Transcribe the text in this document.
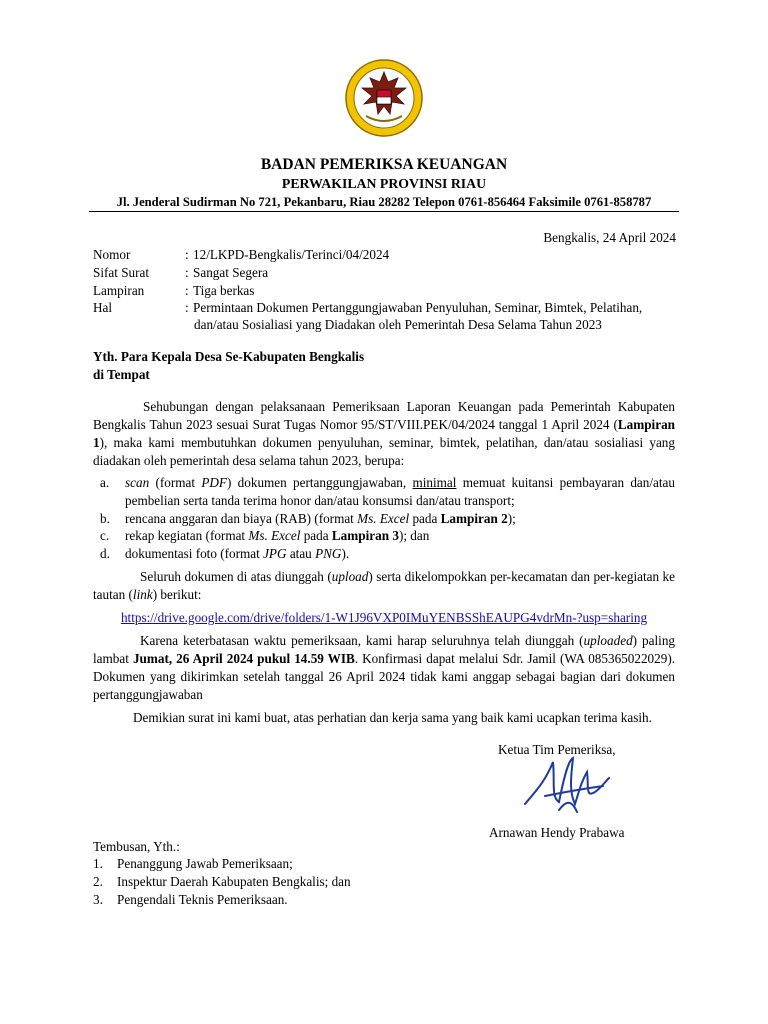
BADAN PEMERIKSA KEUANGAN
PERWAKILAN PROVINSI RIAU
Jl. Jenderal Sudirman No 721, Pekanbaru, Riau 28282 Telepon 0761-856464 Faksimile 0761-858787
Bengkalis, 24 April 2024
Nomor	: 12/LKPD-Bengkalis/Terinci/04/2024
Sifat Surat	: Sangat Segera
Lampiran	: Tiga berkas
Hal	: Permintaan Dokumen Pertanggungjawaban Penyuluhan, Seminar, Bimtek, Pelatihan,
dan/atau Sosialiasi yang Diadakan oleh Pemerintah Desa Selama Tahun 2023
Yth. Para Kepala Desa Se-Kabupaten Bengkalis
di Tempat
Sehubungan dengan pelaksanaan Pemeriksaan Laporan Keuangan pada Pemerintah Kabupaten Bengkalis Tahun 2023 sesuai Surat Tugas Nomor 95/ST/VIII.PEK/04/2024 tanggal 1 April 2024 (Lampiran 1), maka kami membutuhkan dokumen penyuluhan, seminar, bimtek, pelatihan, dan/atau sosialiasi yang diadakan oleh pemerintah desa selama tahun 2023, berupa:
a. scan (format PDF) dokumen pertanggungjawaban, minimal memuat kuitansi pembayaran dan/atau pembelian serta tanda terima honor dan/atau konsumsi dan/atau transport;
b. rencana anggaran dan biaya (RAB) (format Ms. Excel pada Lampiran 2);
c. rekap kegiatan (format Ms. Excel pada Lampiran 3); dan
d. dokumentasi foto (format JPG atau PNG).
Seluruh dokumen di atas diunggah (upload) serta dikelompokkan per-kecamatan dan per-kegiatan ke tautan (link) berikut:
https://drive.google.com/drive/folders/1-W1J96VXP0IMuYENBSShEAUPG4vdrMn-?usp=sharing
Karena keterbatasan waktu pemeriksaan, kami harap seluruhnya telah diunggah (uploaded) paling lambat Jumat, 26 April 2024 pukul 14.59 WIB. Konfirmasi dapat melalui Sdr. Jamil (WA 085365022029). Dokumen yang dikirimkan setelah tanggal 26 April 2024 tidak kami anggap sebagai bagian dari dokumen pertanggungjawaban
Demikian surat ini kami buat, atas perhatian dan kerja sama yang baik kami ucapkan terima kasih.
Ketua Tim Pemeriksa,
Arnawan Hendy Prabawa
Tembusan, Yth.:
1. Penanggung Jawab Pemeriksaan;
2. Inspektur Daerah Kabupaten Bengkalis; dan
3. Pengendali Teknis Pemeriksaan.
